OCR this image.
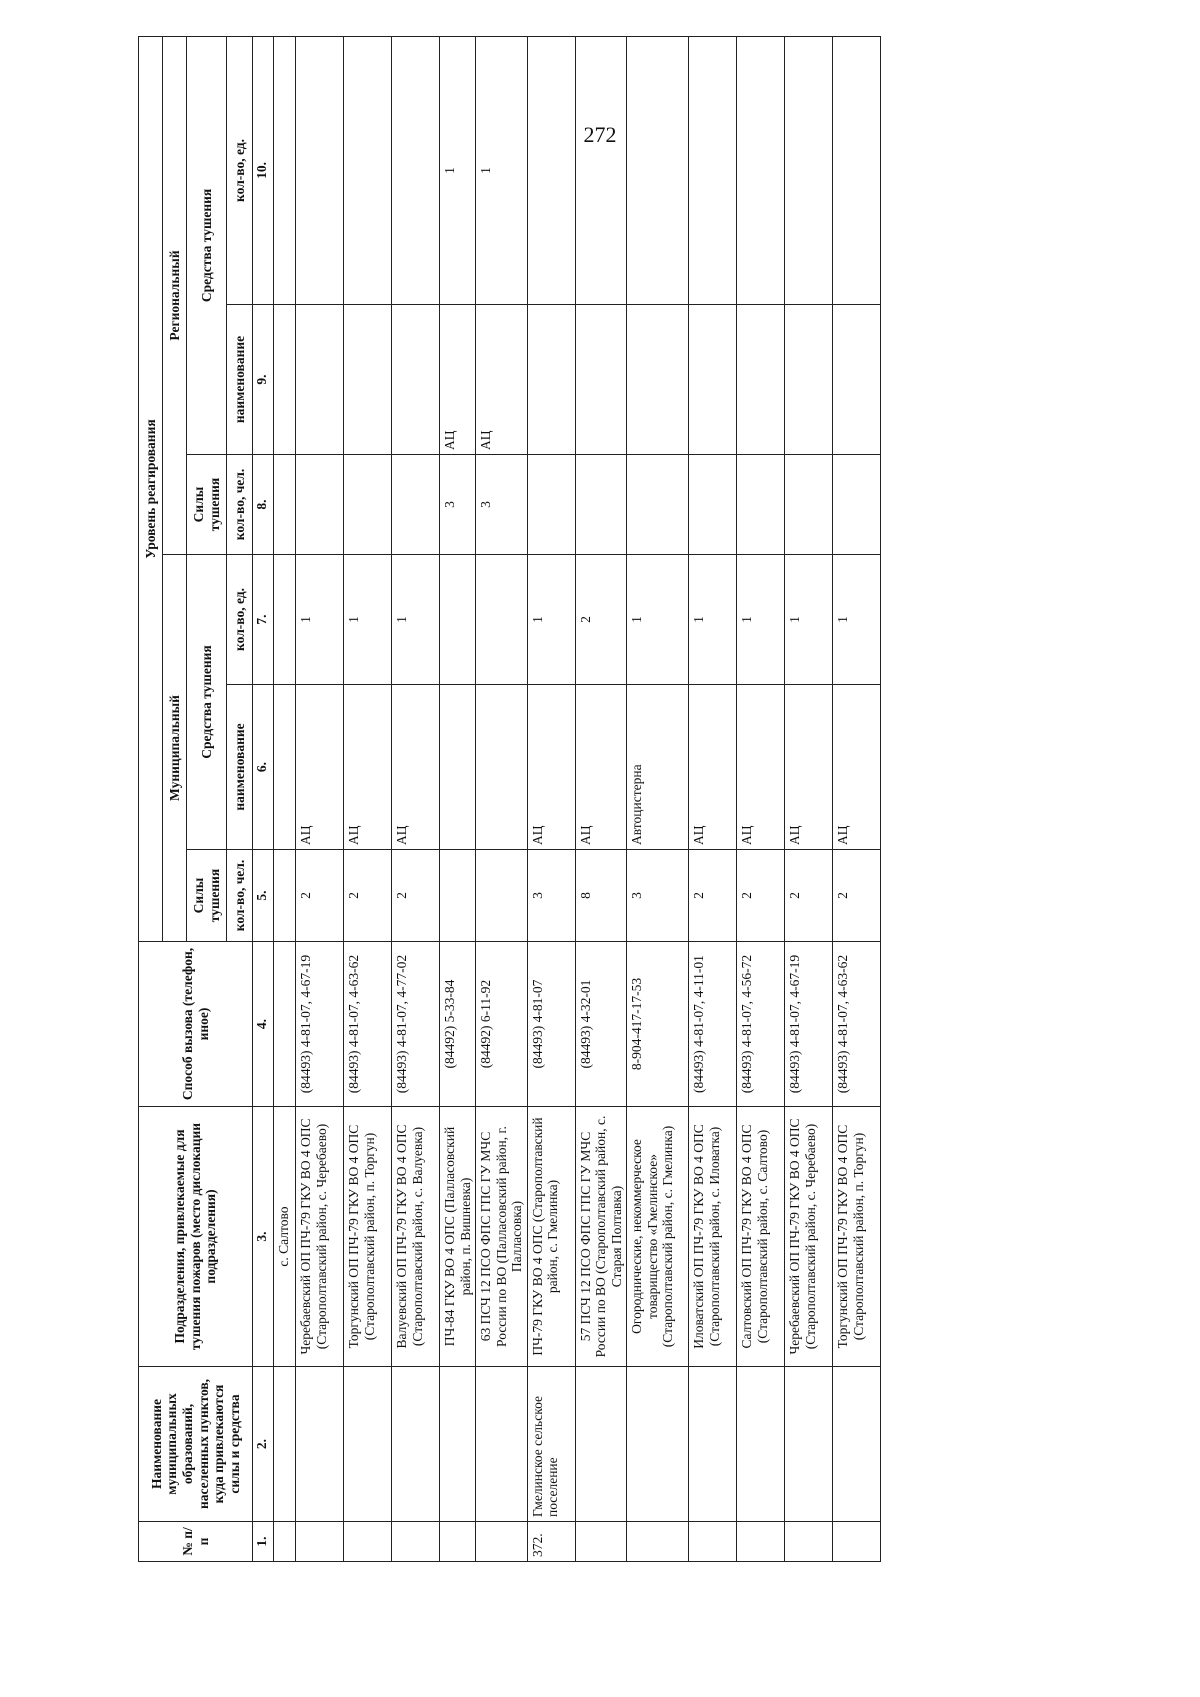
272
№ п/п	Наименование муниципальных образований, населенных пунктов, куда привлекаются силы и средства	Подразделения, привлекаемые для тушения пожаров (место дислокации подразделения)	Способ вызова (телефон, иное)	Уровень реагирования					
				Муниципальный			Региональный		
				Силы тушения	Средства тушения		Силы тушения	Средства тушения	
				кол-во, чел.	наименование	кол-во, ед.	кол-во, чел.	наименование	кол-во, ед.
1.	2.	3.	4.	5.	6.	7.	8.	9.	10.
		с. Салтово							
		Черебаевский ОП ПЧ-79 ГКУ ВО 4 ОПС (Старополтавский район, с. Черебаево)	(84493) 4-81-07, 4-67-19	2	АЦ	1			
		Торгунский ОП ПЧ-79 ГКУ ВО 4 ОПС (Старополтавский район, п. Торгун)	(84493) 4-81-07, 4-63-62	2	АЦ	1			
		Валуевский ОП ПЧ-79 ГКУ ВО 4 ОПС (Старополтавский район, с. Валуевка)	(84493) 4-81-07, 4-77-02	2	АЦ	1			
		ПЧ-84 ГКУ ВО 4 ОПС (Палласовский район, п. Вишневка)	(84492) 5-33-84				3	АЦ	1
		63 ПСЧ 12 ПСО ФПС ГПС ГУ МЧС России по ВО (Палласовский район, г. Палласовка)	(84492) 6-11-92				3	АЦ	1
372.	Гмелинское сельское поселение	ПЧ-79 ГКУ ВО 4 ОПС (Старополтавский район, с. Гмелинка)	(84493) 4-81-07	3	АЦ	1			
		57 ПСЧ 12 ПСО ФПС ГПС ГУ МЧС России по ВО (Старополтавский район, с. Старая Полтавка)	(84493) 4-32-01	8	АЦ	2			
		Огороднические, некоммерческое товарищество «Гмелинское» (Старополтавский район, с. Гмелинка)	8-904-417-17-53	3	Автоцистерна	1			
		Иловатский ОП ПЧ-79 ГКУ ВО 4 ОПС (Старополтавский район, с. Иловатка)	(84493) 4-81-07, 4-11-01	2	АЦ	1			
		Салтовский ОП ПЧ-79 ГКУ ВО 4 ОПС (Старополтавский район, с. Салтово)	(84493) 4-81-07, 4-56-72	2	АЦ	1			
		Черебаевский ОП ПЧ-79 ГКУ ВО 4 ОПС (Старополтавский район, с. Черебаево)	(84493) 4-81-07, 4-67-19	2	АЦ	1			
		Торгунский ОП ПЧ-79 ГКУ ВО 4 ОПС (Старополтавский район, п. Торгун)	(84493) 4-81-07, 4-63-62	2	АЦ	1			
